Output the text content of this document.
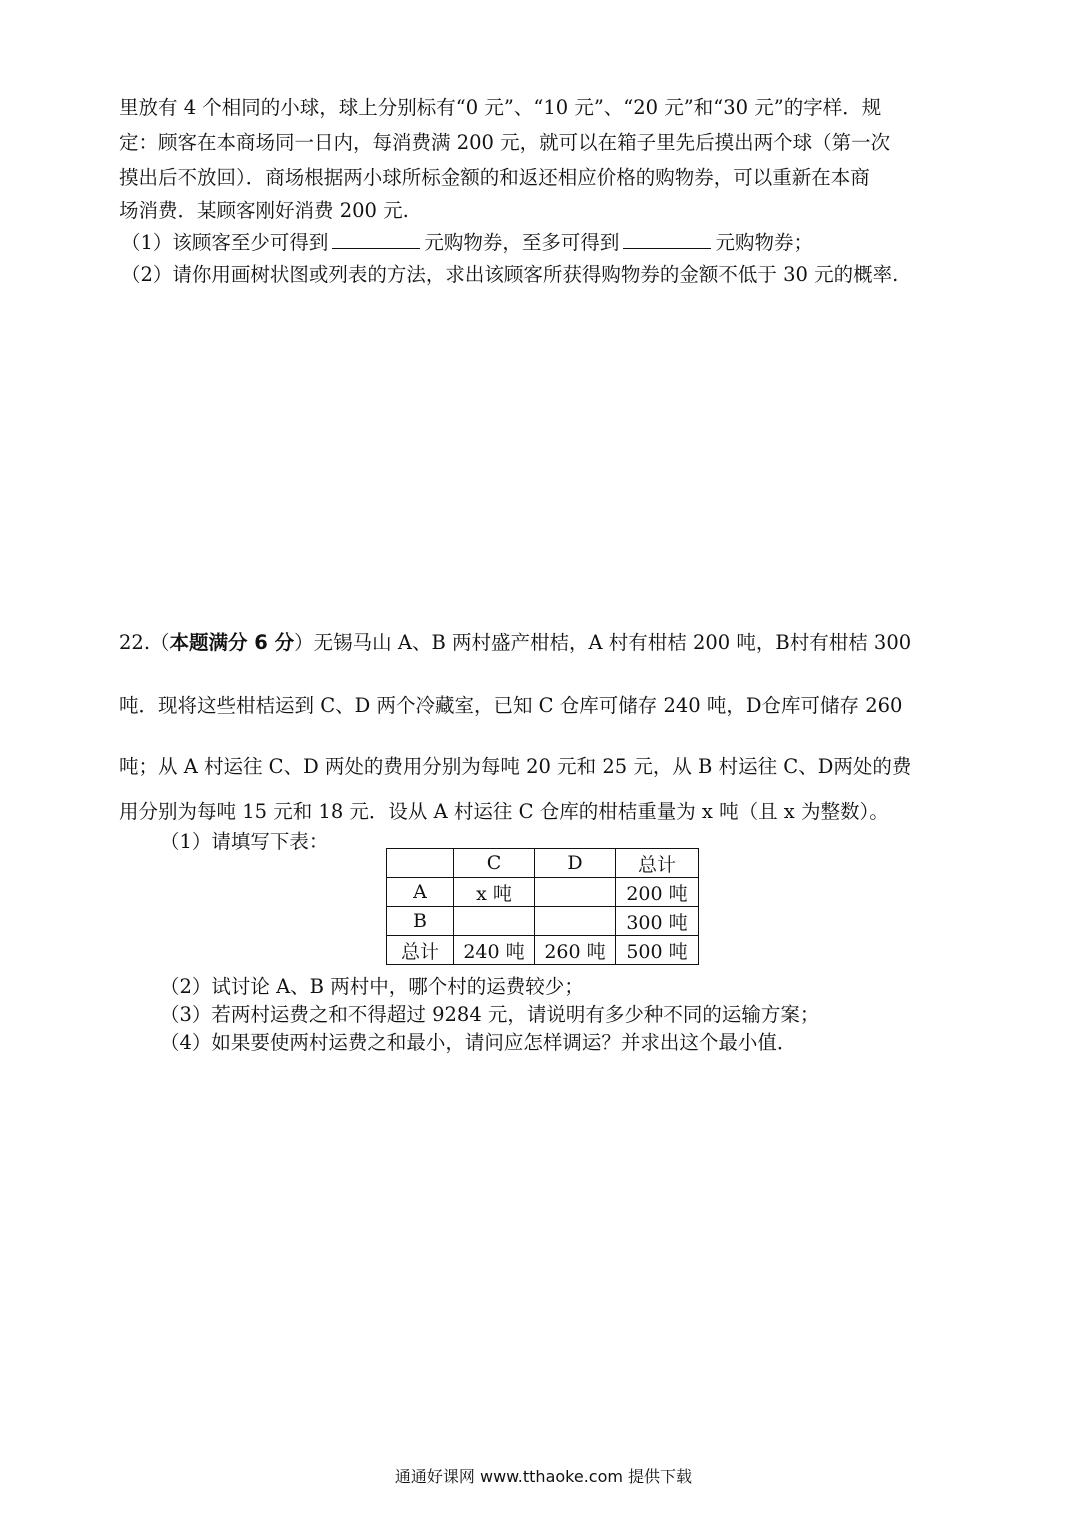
里放有 4 个相同的小球，球上分别标有“0 元”、“10 元”、“20 元”和“30 元”的字样．规
定：顾客在本商场同一日内，每消费满 200 元，就可以在箱子里先后摸出两个球（第一次
摸出后不放回）．商场根据两小球所标金额的和返还相应价格的购物券，可以重新在本商
场消费．某顾客刚好消费 200 元.
（1）该顾客至少可得到	元购物券，至多可得到	元购物券；
（2）请你用画树状图或列表的方法，求出该顾客所获得购物券的金额不低于 30 元的概率.
22.（本题满分 6 分）无锡马山 A、B 两村盛产柑桔，A 村有柑桔 200 吨，B村有柑桔 300
吨．现将这些柑桔运到 C、D 两个冷藏室，已知 C 仓库可储存 240 吨，D仓库可储存 260
吨；从 A 村运往 C、D 两处的费用分别为每吨 20 元和 25 元，从 B 村运往 C、D两处的费
用分别为每吨 15 元和 18 元．设从 A 村运往 C 仓库的柑桔重量为 x 吨（且 x 为整数）。
（1）请填写下表：
	C	D	总计
A	x 吨		200 吨
B			300 吨
总计	240 吨	260 吨	500 吨
（2）试讨论 A、B 两村中，哪个村的运费较少；
（3）若两村运费之和不得超过 9284 元，请说明有多少种不同的运输方案；
（4）如果要使两村运费之和最小，请问应怎样调运？并求出这个最小值．
通通好课网 www.tthaoke.com 提供下载
